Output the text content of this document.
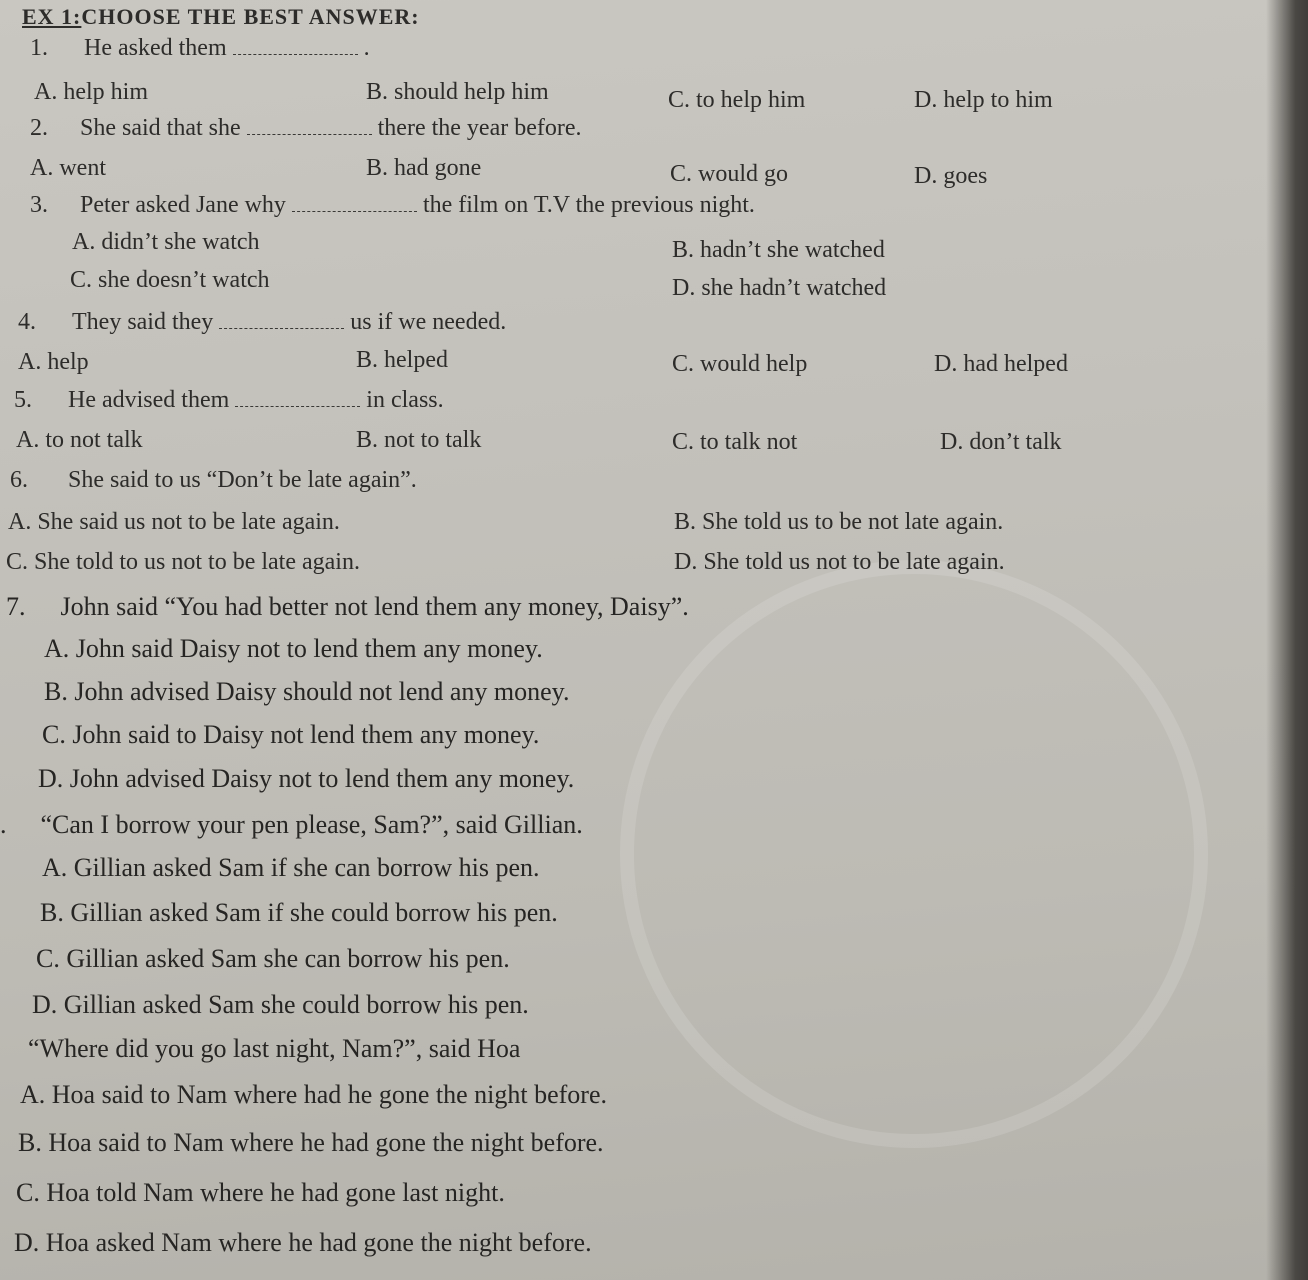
EX 1:CHOOSE THE BEST ANSWER:
1. He asked them	.
A. help him	B. should help him	C. to help him	D. help to him
2. She said that she	there the year before.
A. went	B. had gone	C. would go	D. goes
3. Peter asked Jane why	the film on T.V the previous night.
A. didn’t she watch	B. hadn’t she watched
C. she doesn’t watch	D. she hadn’t watched
4. They said they	us if we needed.
A. help	B. helped	C. would help	D. had helped
5. He advised them	in class.
A. to not talk	B. not to talk	C. to talk not	D. don’t talk
6. She said to us “Don’t be late again”.
A. She said us not to be late again.	B. She told us to be not late again.
C. She told to us not to be late again.	D. She told us not to be late again.
7. John said “You had better not lend them any money, Daisy”.
A. John said Daisy not to lend them any money.
B. John advised Daisy should not lend any money.
C. John said to Daisy not lend them any money.
D. John advised Daisy not to lend them any money.
. “Can I borrow your pen please, Sam?”, said Gillian.
A. Gillian asked Sam if she can borrow his pen.
B. Gillian asked Sam if she could borrow his pen.
C. Gillian asked Sam she can borrow his pen.
D. Gillian asked Sam she could borrow his pen.
“Where did you go last night, Nam?”, said Hoa
A. Hoa said to Nam where had he gone the night before.
B. Hoa said to Nam where he had gone the night before.
C. Hoa told Nam where he had gone last night.
D. Hoa asked Nam where he had gone the night before.
